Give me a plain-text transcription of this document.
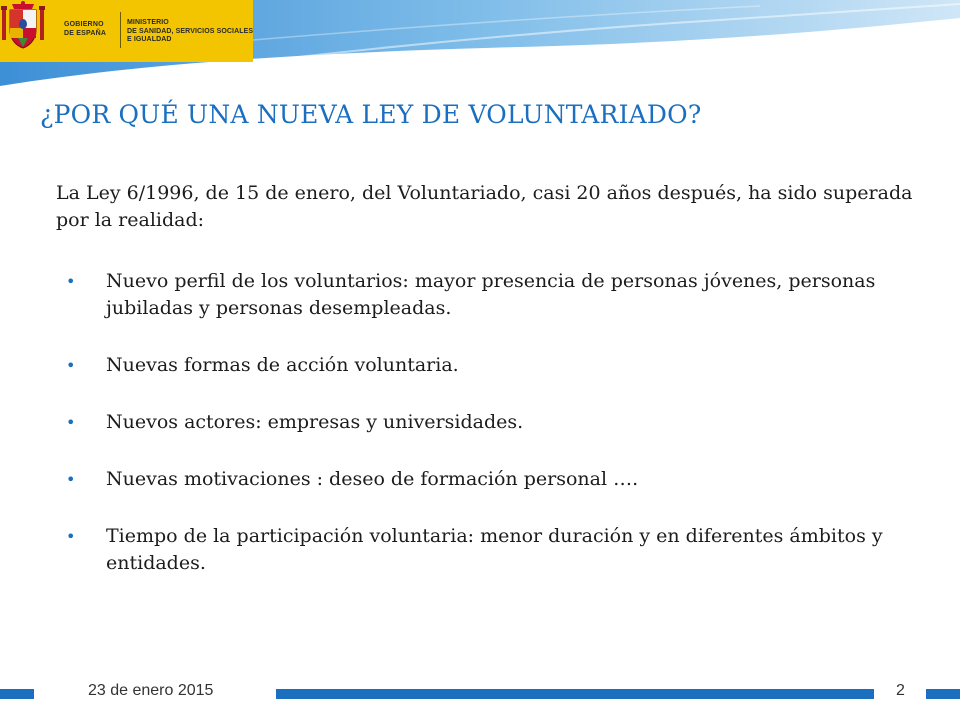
GOBIERNO
DE ESPAÑA
MINISTERIO
DE SANIDAD, SERVICIOS SOCIALES
E IGUALDAD
¿POR QUÉ UNA NUEVA LEY DE VOLUNTARIADO?
La Ley 6/1996, de 15 de enero, del Voluntariado, casi 20 años después, ha sido superada por la realidad:
• Nuevo perfil de los voluntarios: mayor presencia de personas jóvenes, personas jubiladas y personas desempleadas.
• Nuevas formas de acción voluntaria.
• Nuevos actores: empresas y universidades.
• Nuevas motivaciones : deseo de formación personal ….
• Tiempo de la participación voluntaria: menor duración y en diferentes ámbitos y entidades.
23 de enero 2015	2
